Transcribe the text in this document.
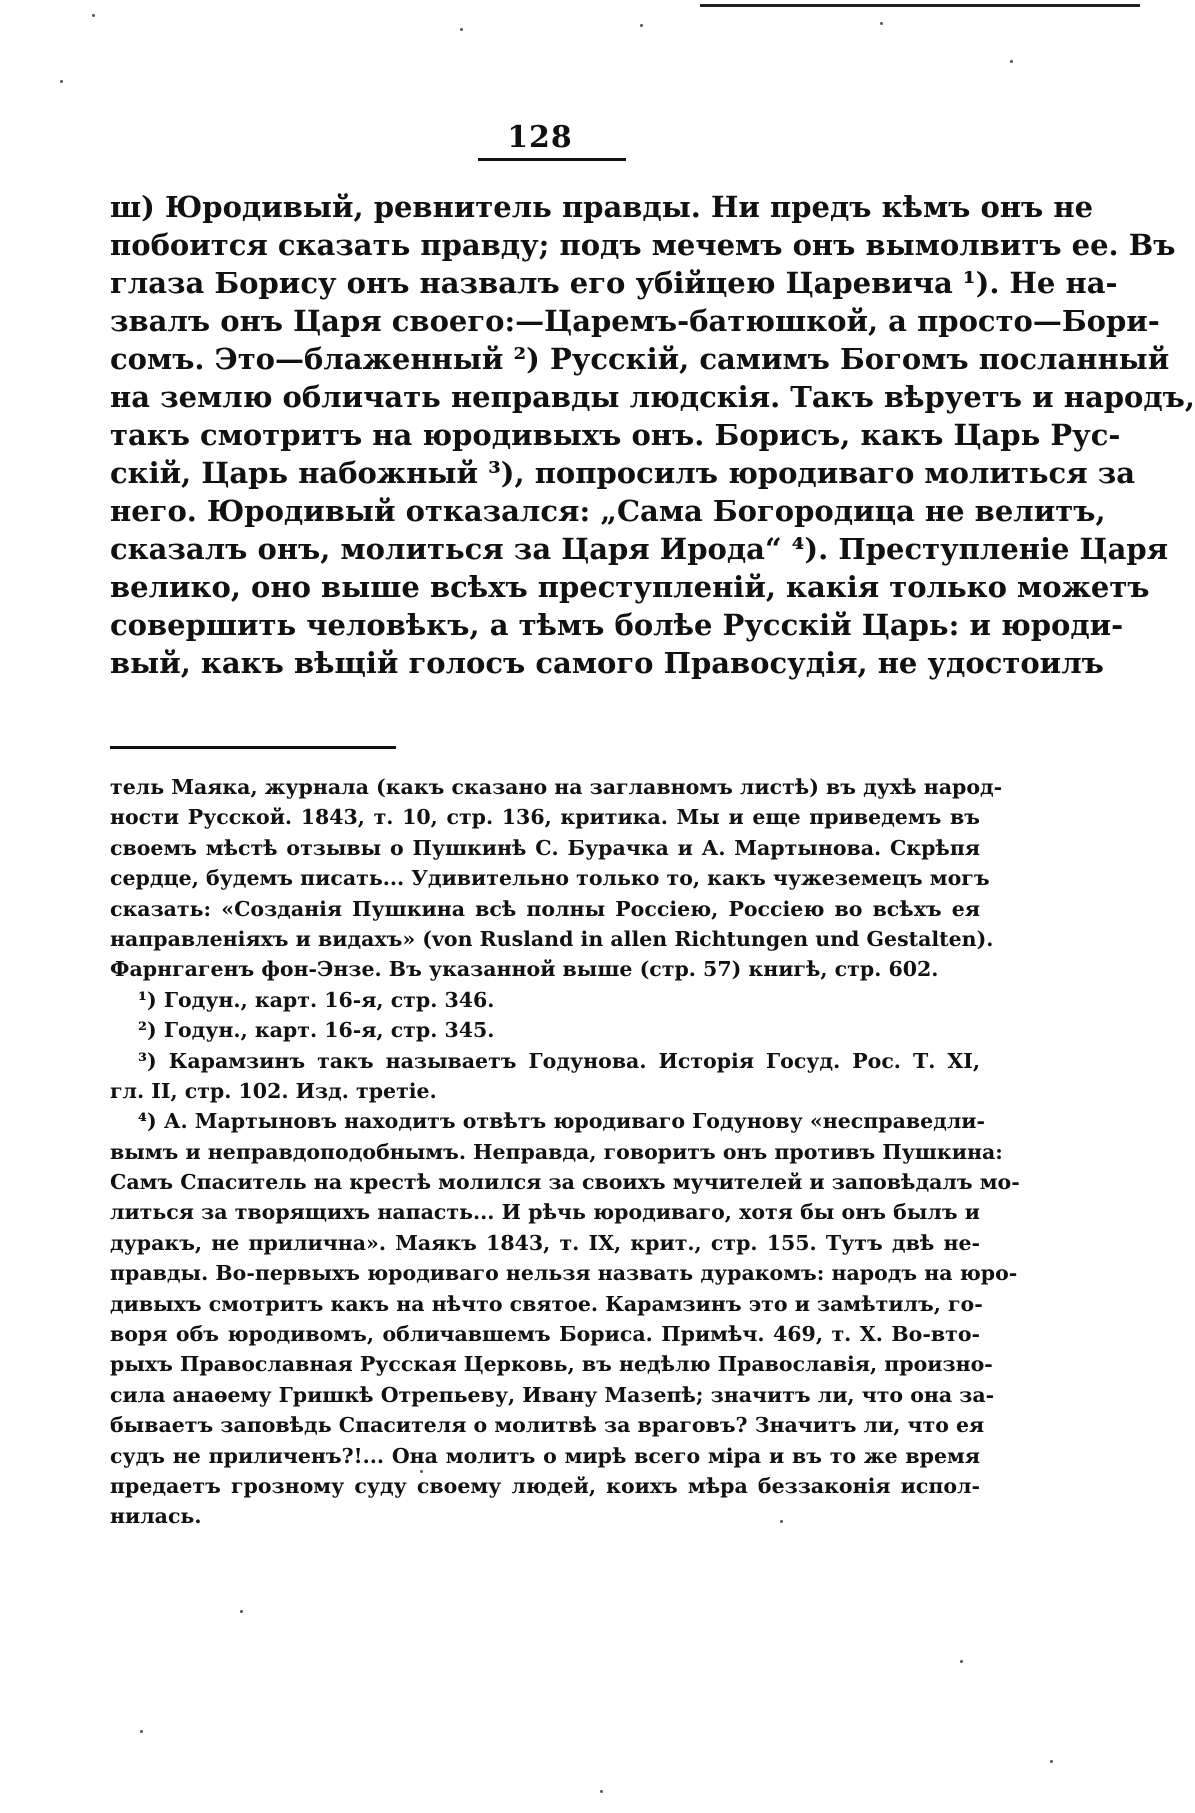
128
ш) Юродивый, ревнитель правды. Ни предъ кѣмъ онъ не
побоится сказать правду; подъ мечемъ онъ вымолвитъ ее. Въ
глаза Борису онъ назвалъ его убійцею Царевича ¹). Не на-
звалъ онъ Царя своего:—Царемъ-батюшкой, а просто—Бори-
сомъ. Это—блаженный ²) Русскій, самимъ Богомъ посланный
на землю обличать неправды людскія. Такъ вѣруетъ и народъ,
такъ смотритъ на юродивыхъ онъ. Борисъ, какъ Царь Рус-
скій, Царь набожный ³), попросилъ юродиваго молиться за
него. Юродивый отказался: „Сама Богородица не велитъ,
сказалъ онъ, молиться за Царя Ирода“ ⁴). Преступленіе Царя
велико, оно выше всѣхъ преступленій, какія только можетъ
совершить человѣкъ, а тѣмъ болѣе Русскій Царь: и юроди-
вый, какъ вѣщій голосъ самого Правосудія, не удостоилъ
тель Маяка, журнала (какъ сказано на заглавномъ листѣ) въ духѣ народ-
ности Русской. 1843, т. 10, стр. 136, критика. Мы и еще приведемъ въ
своемъ мѣстѣ отзывы о Пушкинѣ С. Бурачка и А. Мартынова. Скрѣпя
сердце, будемъ писать... Удивительно только то, какъ чужеземецъ могъ
сказать: «Созданія Пушкина всѣ полны Россіею, Россіею во всѣхъ ея
направленіяхъ и видахъ» (von Rusland in allen Richtungen und Gestalten).
Фарнгагенъ фон-Энзе. Въ указанной выше (стр. 57) книгѣ, стр. 602.
¹) Годун., карт. 16-я, стр. 346.
²) Годун., карт. 16-я, стр. 345.
³) Карамзинъ такъ называетъ Годунова. Исторія Госуд. Рос. Т. XI,
гл. II, стр. 102. Изд. третіе.
⁴) А. Мартыновъ находитъ отвѣтъ юродиваго Годунову «несправедли-
вымъ и неправдоподобнымъ. Неправда, говоритъ онъ противъ Пушкина:
Самъ Спаситель на крестѣ молился за своихъ мучителей и заповѣдалъ мо-
литься за творящихъ напасть... И рѣчь юродиваго, хотя бы онъ былъ и
дуракъ, не прилична». Маякъ 1843, т. IX, крит., стр. 155. Тутъ двѣ не-
правды. Во-первыхъ юродиваго нельзя назвать дуракомъ: народъ на юро-
дивыхъ смотритъ какъ на нѣчто святое. Карамзинъ это и замѣтилъ, го-
воря объ юродивомъ, обличавшемъ Бориса. Примѣч. 469, т. X. Во-вто-
рыхъ Православная Русская Церковь, въ недѣлю Православія, произно-
сила анаѳему Гришкѣ Отрепьеву, Ивану Мазепѣ; значитъ ли, что она за-
бываетъ заповѣдь Спасителя о молитвѣ за враговъ? Значитъ ли, что ея
судъ не приличенъ?!... Она молитъ о мирѣ всего міра и въ то же время
предаетъ грозному суду своему людей, коихъ мѣра беззаконія испол-
нилась.
